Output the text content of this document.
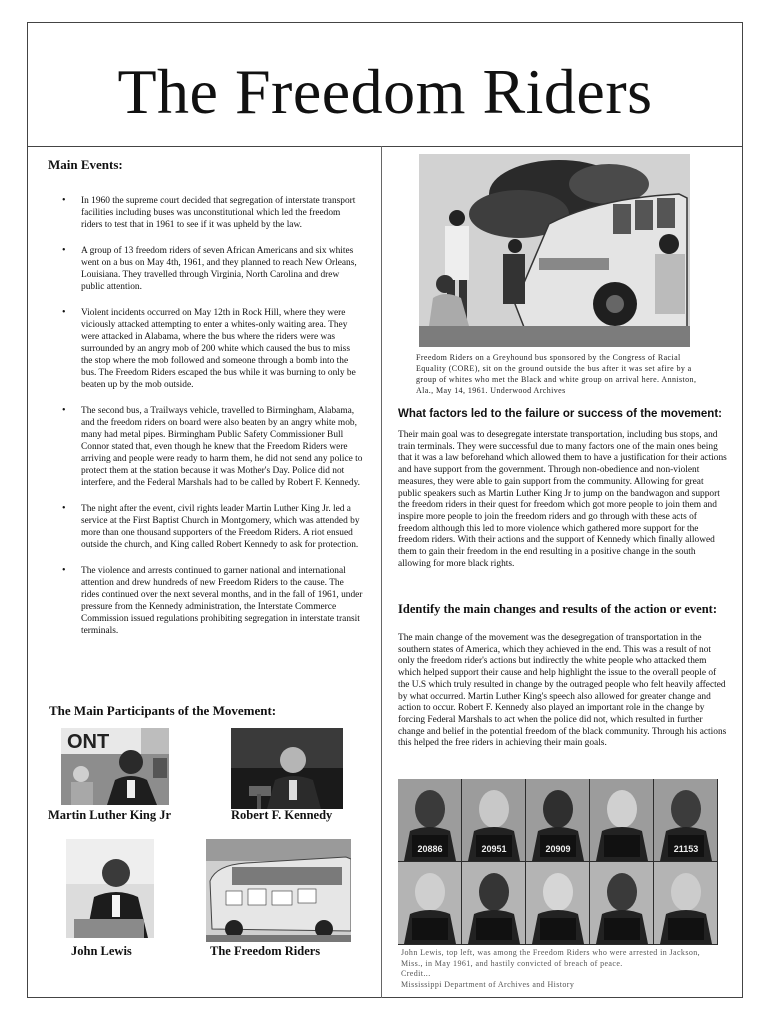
The Freedom Riders
Main Events:
• In 1960 the supreme court decided that segregation of interstate transport facilities including buses was unconstitutional which led the freedom riders to test that in 1961 to see if it was upheld by the law.
• A group of 13 freedom riders of seven African Americans and six whites went on a bus on May 4th, 1961, and they planned to reach New Orleans, Louisiana. They travelled through Virginia, North Carolina and drew public attention.
• Violent incidents occurred on May 12th in Rock Hill, where they were viciously attacked attempting to enter a whites-only waiting area. They were attacked in Alabama, where the bus where the riders were was surrounded by an angry mob of 200 white which caused the bus to miss the stop where the mob followed and someone through a bomb into the bus. The Freedom Riders escaped the bus while it was burning to only be beaten up by the mob outside.
• The second bus, a Trailways vehicle, travelled to Birmingham, Alabama, and the freedom riders on board were also beaten by an angry white mob, many had metal pipes. Birmingham Public Safety Commissioner Bull Connor stated that, even though he knew that the Freedom Riders were arriving and people were ready to harm them, he did not send any police to protect them at the station because it was Mother's Day. Police did not interfere, and the Federal Marshals had to be called by Robert F. Kennedy.
• The night after the event, civil rights leader Martin Luther King Jr. led a service at the First Baptist Church in Montgomery, which was attended by more than one thousand supporters of the Freedom Riders. A riot ensued outside the church, and King called Robert Kennedy to ask for protection.
• The violence and arrests continued to garner national and international attention and drew hundreds of new Freedom Riders to the cause. The rides continued over the next several months, and in the fall of 1961, under pressure from the Kennedy administration, the Interstate Commerce Commission issued regulations prohibiting segregation in interstate transit terminals.
The Main Participants of the Movement:
ONT
Martin Luther King Jr	Robert F. Kennedy
John Lewis	The Freedom Riders
Freedom Riders on a Greyhound bus sponsored by the Congress of Racial Equality (CORE), sit on the ground outside the bus after it was set afire by a group of whites who met the Black and white group on arrival here. Anniston, Ala., May 14, 1961. Underwood Archives
What factors led to the failure or success of the movement:
Their main goal was to desegregate interstate transportation, including bus stops, and train terminals. They were successful due to many factors one of the main ones being that it was a law beforehand which allowed them to have a justification for their actions and have support from the government. Through non-obedience and non-violent measures, they were able to gain support from the community. Allowing for great public speakers such as Martin Luther King Jr to jump on the bandwagon and support the freedom riders in their quest for freedom which got more people to join them and inspire more people to join the freedom riders and go through with these acts of freedom although this led to more violence which gathered more support for the freedom riders. With their actions and the support of Kennedy which finally allowed them to gain their freedom in the end resulting in a positive change in the south allowing for more black rights.
Identify the main changes and results of the action or event:
The main change of the movement was the desegregation of transportation in the southern states of America, which they achieved in the end. This was a result of not only the freedom rider's actions but indirectly the white people who attacked them which helped support their cause and help highlight the issue to the overall people of the U.S which truly resulted in change by the outraged people who felt heavily affected by what occurred. Martin Luther King's speech also allowed for greater change and action to occur. Robert F. Kennedy also played an important role in the change by forcing Federal Marshals to act when the police did not, which resulted in further change and belief in the potential freedom of the black community. Through his actions this helped the free riders in achieving their main goals.
20886	20951	20909	21153
John Lewis, top left, was among the Freedom Riders who were arrested in Jackson, Miss., in May 1961, and hastily convicted of breach of peace.
Credit...
Mississippi Department of Archives and History
